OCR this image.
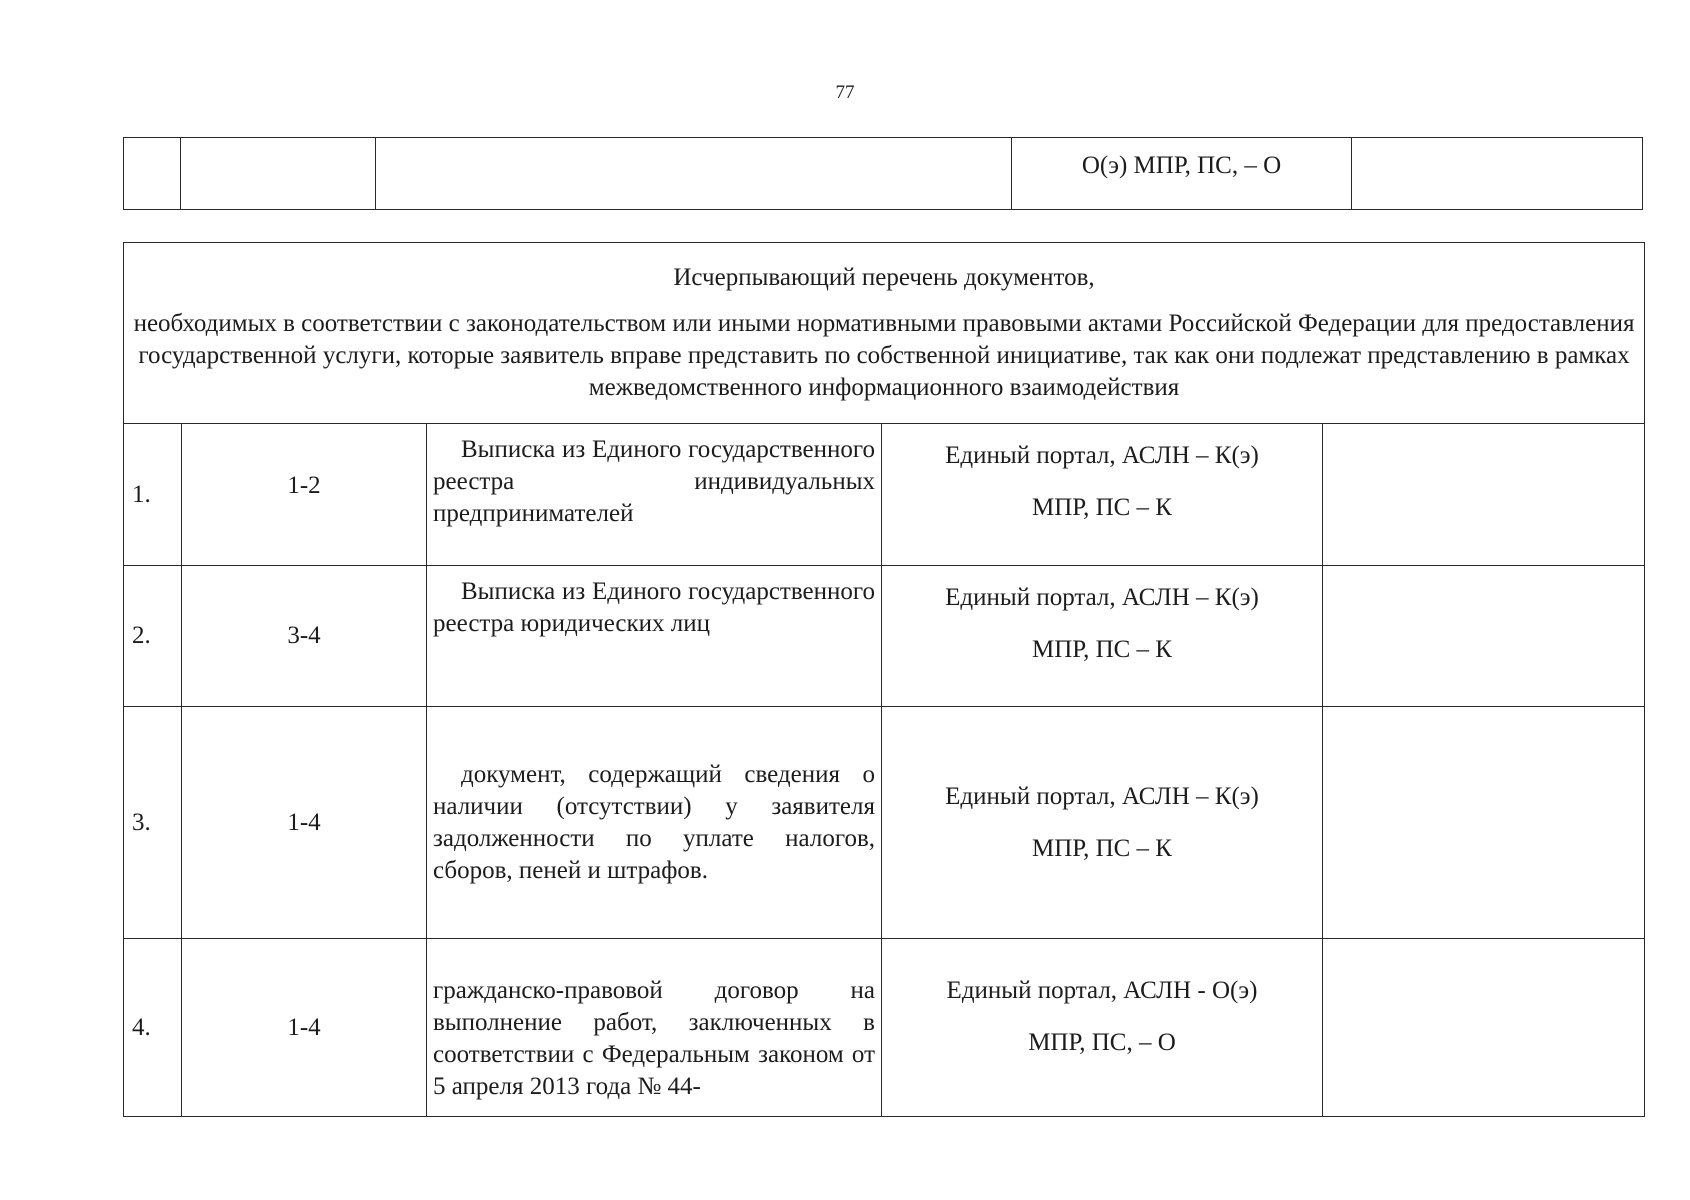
77
			О(э) МПР, ПС, – О	

Исчерпывающий перечень документов,

необходимых в соответствии с законодательством или иными нормативными правовыми актами Российской Федерации для предоставления государственной услуги, которые заявитель вправе представить по собственной инициативе, так как они подлежат представлению в рамках межведомственного информационного взаимодействия				

1.	1-2	Выписка из Единого государственного реестра индивидуальных предпринимателей	Единый портал, АСЛН – К(э)
МПР, ПС – К	

2.	3-4	Выписка из Единого государственного реестра юридических лиц	Единый портал, АСЛН – К(э)
МПР, ПС – К	

3.	1-4	документ, содержащий сведения о наличии (отсутствии) у заявителя задолженности по уплате налогов, сборов, пеней и штрафов.	Единый портал, АСЛН – К(э)
МПР, ПС – К	

4.	1-4	гражданско-правовой договор на выполнение работ, заключенных в соответствии с Федеральным законом от 5 апреля 2013 года № 44-	Единый портал, АСЛН - О(э)
МПР, ПС, – О	
